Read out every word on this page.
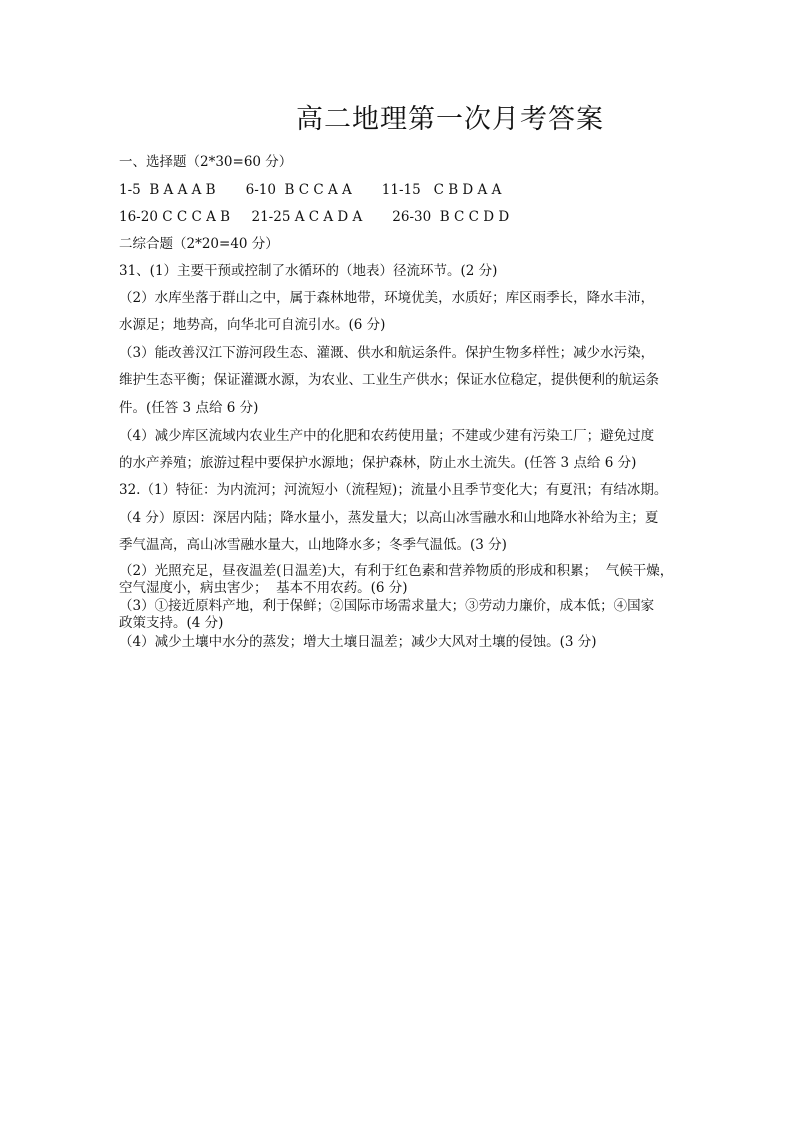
高二地理第一次月考答案
一、选择题（2*30=60 分）
1-5  B A A A B       6-10  B C C A A       11-15   C B D A A
16-20 C C C A B     21-25 A C A D A       26-30  B C C D D
二综合题（2*20=40 分）
31、(1）主要干预或控制了水循环的（地表）径流环节。(2 分)
（2）水库坐落于群山之中，属于森林地带，环境优美，水质好；库区雨季长，降水丰沛，
水源足；地势高，向华北可自流引水。(6 分)
（3）能改善汉江下游河段生态、灌溉、供水和航运条件。保护生物多样性；减少水污染，
维护生态平衡；保证灌溉水源，为农业、工业生产供水；保证水位稳定，提供便利的航运条
件。(任答 3 点给 6 分)
（4）减少库区流域内农业生产中的化肥和农药使用量；不建或少建有污染工厂；避免过度
的水产养殖；旅游过程中要保护水源地；保护森林，防止水土流失。(任答 3 点给 6 分)
32.（1）特征：为内流河；河流短小（流程短)；流量小且季节变化大；有夏汛；有结冰期。
（4 分）原因：深居内陆；降水量小，蒸发量大；以高山冰雪融水和山地降水补给为主；夏
季气温高，高山冰雪融水量大，山地降水多；冬季气温低。(3 分)
（2）光照充足，昼夜温差(日温差)大，有利于红色素和营养物质的形成和积累；  气候干燥，
空气湿度小，病虫害少；  基本不用农药。(6 分)
（3）①接近原料产地，利于保鲜；②国际市场需求量大；③劳动力廉价，成本低；④国家
政策支持。(4 分)
（4）减少土壤中水分的蒸发；增大土壤日温差；减少大风对土壤的侵蚀。(3 分)
